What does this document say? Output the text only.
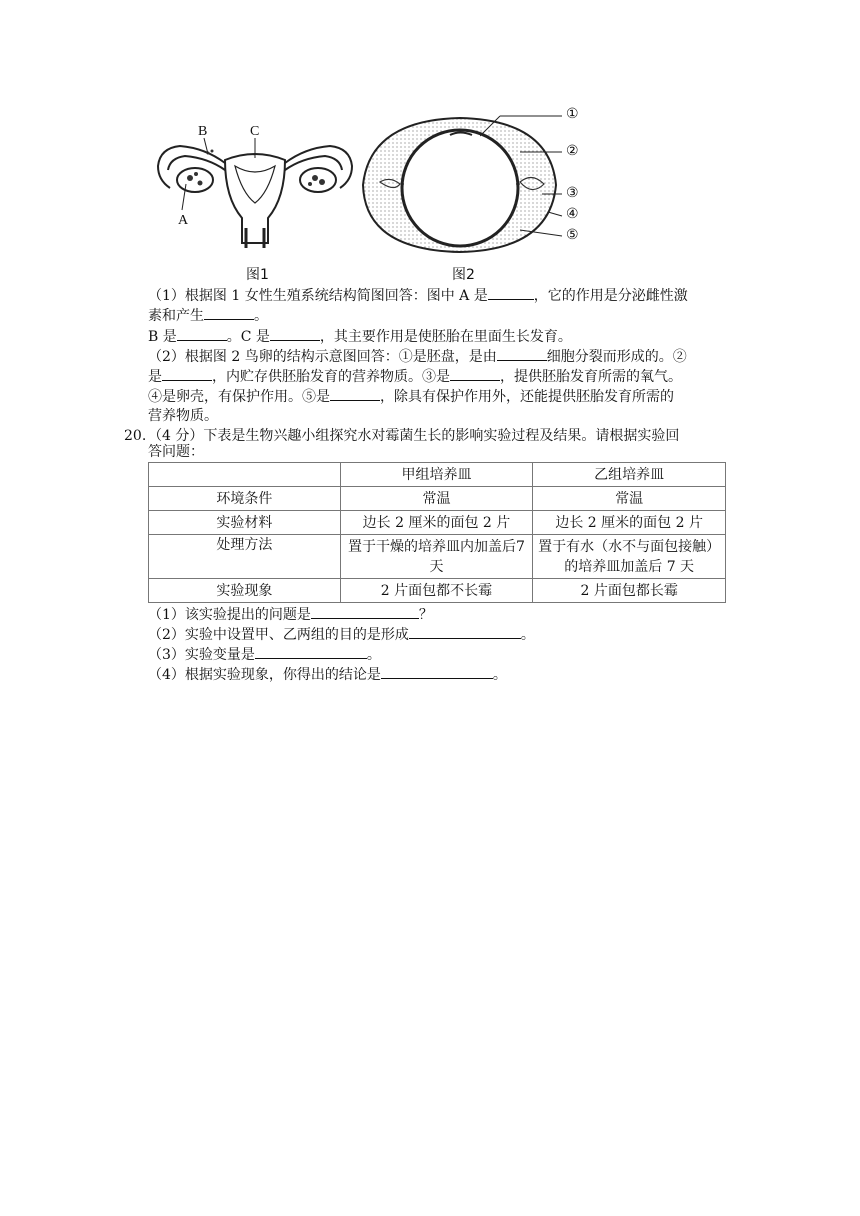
B	C
A
图1
①
②
③
④
⑤
图2
（1）根据图 1 女性生殖系统结构简图回答：图中 A 是	，它的作用是分泌雌性激
素和产生	。
B 是	。C 是	，其主要作用是使胚胎在里面生长发育。
（2）根据图 2 鸟卵的结构示意图回答：①是胚盘，是由	细胞分裂而形成的。②
是	，内贮存供胚胎发育的营养物质。③是	，提供胚胎发育所需的氧气。
④是卵壳，有保护作用。⑤是	，除具有保护作用外，还能提供胚胎发育所需的
营养物质。
20. （4 分）下表是生物兴趣小组探究水对霉菌生长的影响实验过程及结果。请根据实验回
答问题：
	甲组培养皿	乙组培养皿
环境条件	常温	常温
实验材料	边长 2 厘米的面包 2 片	边长 2 厘米的面包 2 片
处理方法	置于干燥的培养皿内加盖后7 天	置于有水（水不与面包接触）的培养皿加盖后 7 天
实验现象	2 片面包都不长霉	2 片面包都长霉
（1）该实验提出的问题是	？
（2）实验中设置甲、乙两组的目的是形成	。
（3）实验变量是	。
（4）根据实验现象，你得出的结论是	。
